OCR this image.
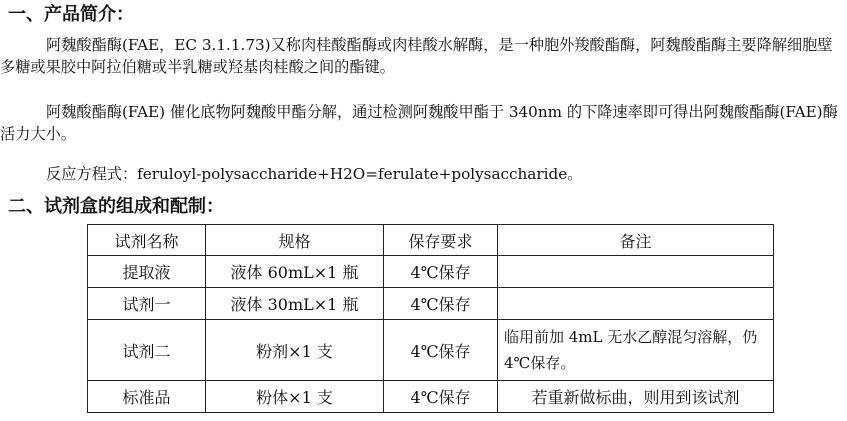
一、产品简介：

阿魏酸酯酶(FAE，EC 3.1.1.73)又称肉桂酸酯酶或肉桂酸水解酶，是一种胞外羧酸酯酶，阿魏酸酯酶主要降解细胞壁多糖或果胶中阿拉伯糖或半乳糖或羟基肉桂酸之间的酯键。

阿魏酸酯酶(FAE) 催化底物阿魏酸甲酯分解，通过检测阿魏酸甲酯于 340nm 的下降速率即可得出阿魏酸酯酶(FAE)酶活力大小。

反应方程式：feruloyl-polysaccharide+H2O=ferulate+polysaccharide。

二、试剂盒的组成和配制：
试剂名称	规格	保存要求	备注
提取液	液体 60mL×1 瓶	4℃保存	
试剂一	液体 30mL×1 瓶	4℃保存	
试剂二	粉剂×1 支	4℃保存	临用前加 4mL 无水乙醇混匀溶解，仍 4℃保存。
标准品	粉体×1 支	4℃保存	若重新做标曲，则用到该试剂
